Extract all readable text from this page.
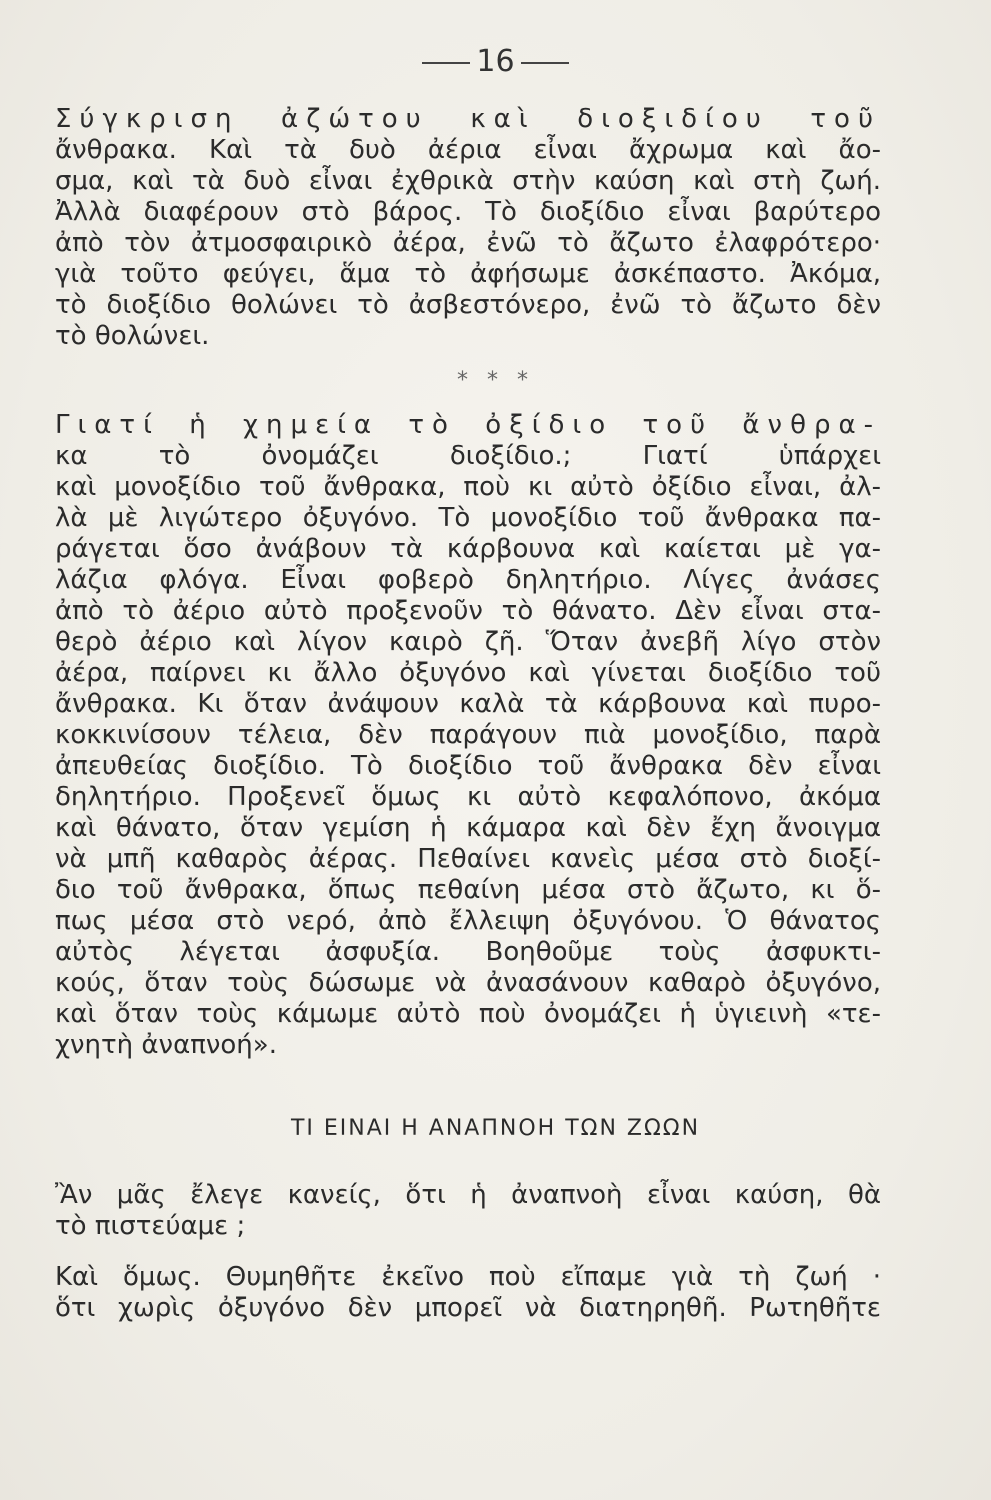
16
Σύγκριση ἀζώτου καὶ διοξιδίου τοῦ
ἄνθρακα. Καὶ τὰ δυὸ ἀέρια εἶναι ἄχρωμα καὶ ἄο-
σμα, καὶ τὰ δυὸ εἶναι ἐχθρικὰ στὴν καύση καὶ στὴ ζωή.
Ἀλλὰ διαφέρουν στὸ βάρος. Τὸ διοξίδιο εἶναι βαρύτερο
ἀπὸ τὸν ἀτμοσφαιρικὸ ἀέρα, ἐνῶ τὸ ἄζωτο ἐλαφρότερο·
γιὰ τοῦτο φεύγει, ἅμα τὸ ἀφήσωμε ἀσκέπαστο. Ἀκόμα,
τὸ διοξίδιο θολώνει τὸ ἀσβεστόνερο, ἐνῶ τὸ ἄζωτο δὲν
τὸ θολώνει.
* * *
Γιατί ἡ χημεία τὸ ὀξίδιο τοῦ ἄνθρα-
κα τὸ ὀνομάζει διοξίδιο.; Γιατί ὑπάρχει
καὶ μονοξίδιο τοῦ ἄνθρακα, ποὺ κι αὐτὸ ὀξίδιο εἶναι, ἀλ-
λὰ μὲ λιγώτερο ὀξυγόνο. Τὸ μονοξίδιο τοῦ ἄνθρακα πα-
ράγεται ὅσο ἀνάβουν τὰ κάρβουνα καὶ καίεται μὲ γα-
λάζια φλόγα. Εἶναι φοβερὸ δηλητήριο. Λίγες ἀνάσες
ἀπὸ τὸ ἀέριο αὐτὸ προξενοῦν τὸ θάνατο. Δὲν εἶναι στα-
θερὸ ἀέριο καὶ λίγον καιρὸ ζῆ. Ὅταν ἀνεβῆ λίγο στὸν
ἀέρα, παίρνει κι ἄλλο ὀξυγόνο καὶ γίνεται διοξίδιο τοῦ
ἄνθρακα. Κι ὅταν ἀνάψουν καλὰ τὰ κάρβουνα καὶ πυρο-
κοκκινίσουν τέλεια, δὲν παράγουν πιὰ μονοξίδιο, παρὰ
ἀπευθείας διοξίδιο. Τὸ διοξίδιο τοῦ ἄνθρακα δὲν εἶναι
δηλητήριο. Προξενεῖ ὅμως κι αὐτὸ κεφαλόπονο, ἀκόμα
καὶ θάνατο, ὅταν γεμίση ἡ κάμαρα καὶ δὲν ἔχη ἄνοιγμα
νὰ μπῆ καθαρὸς ἀέρας. Πεθαίνει κανεὶς μέσα στὸ διοξί-
διο τοῦ ἄνθρακα, ὅπως πεθαίνη μέσα στὸ ἄζωτο, κι ὅ-
πως μέσα στὸ νερό, ἀπὸ ἔλλειψη ὀξυγόνου. Ὁ θάνατος
αὐτὸς λέγεται ἀσφυξία. Βοηθοῦμε τοὺς ἀσφυκτι-
κούς, ὅταν τοὺς δώσωμε νὰ ἀνασάνουν καθαρὸ ὀξυγόνο,
καὶ ὅταν τοὺς κάμωμε αὐτὸ ποὺ ὀνομάζει ἡ ὑγιεινὴ «τε-
χνητὴ ἀναπνοή».
ΤΙ ΕΙΝΑΙ Η ΑΝΑΠΝΟΗ ΤΩΝ ΖΩΩΝ
Ἂν μᾶς ἔλεγε κανείς, ὅτι ἡ ἀναπνοὴ εἶναι καύση, θὰ
τὸ πιστεύαμε ;
Καὶ ὅμως. Θυμηθῆτε ἐκεῖνο ποὺ εἴπαμε γιὰ τὴ ζωή ·
ὅτι χωρὶς ὀξυγόνο δὲν μπορεῖ νὰ διατηρηθῆ. Ρωτηθῆτε
